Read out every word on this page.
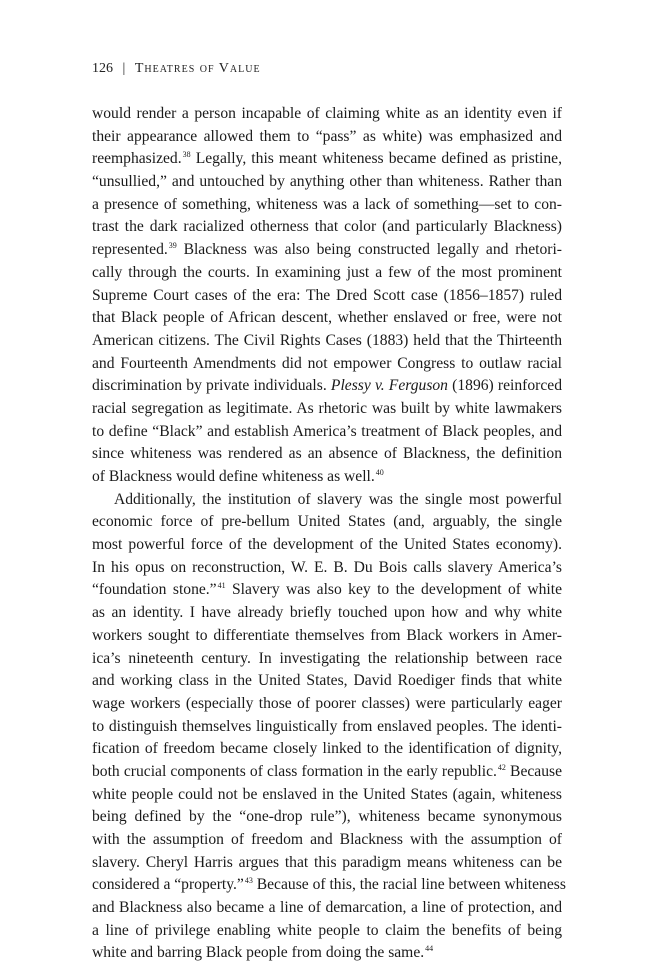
126 | Theatres of Value
would render a person incapable of claiming white as an identity even if
their appearance allowed them to “pass” as white) was emphasized and
reemphasized.$^{38}$ Legally, this meant whiteness became defined as pristine,
“unsullied,” and untouched by anything other than whiteness. Rather than
a presence of something, whiteness was a lack of something—set to con-
trast the dark racialized otherness that color (and particularly Blackness)
represented.$^{39}$ Blackness was also being constructed legally and rhetori-
cally through the courts. In examining just a few of the most prominent
Supreme Court cases of the era: The Dred Scott case (1856–1857) ruled
that Black people of African descent, whether enslaved or free, were not
American citizens. The Civil Rights Cases (1883) held that the Thirteenth
and Fourteenth Amendments did not empower Congress to outlaw racial
discrimination by private individuals. Plessy v. Ferguson (1896) reinforced
racial segregation as legitimate. As rhetoric was built by white lawmakers
to define “Black” and establish America’s treatment of Black peoples, and
since whiteness was rendered as an absence of Blackness, the definition
of Blackness would define whiteness as well.$^{40}$
Additionally, the institution of slavery was the single most powerful
economic force of pre-bellum United States (and, arguably, the single
most powerful force of the development of the United States economy).
In his opus on reconstruction, W. E. B. Du Bois calls slavery America’s
“foundation stone.”$^{41}$ Slavery was also key to the development of white
as an identity. I have already briefly touched upon how and why white
workers sought to differentiate themselves from Black workers in Amer-
ica’s nineteenth century. In investigating the relationship between race
and working class in the United States, David Roediger finds that white
wage workers (especially those of poorer classes) were particularly eager
to distinguish themselves linguistically from enslaved peoples. The identi-
fication of freedom became closely linked to the identification of dignity,
both crucial components of class formation in the early republic.$^{42}$ Because
white people could not be enslaved in the United States (again, whiteness
being defined by the “one-drop rule”), whiteness became synonymous
with the assumption of freedom and Blackness with the assumption of
slavery. Cheryl Harris argues that this paradigm means whiteness can be
considered a “property.”$^{43}$ Because of this, the racial line between whiteness
and Blackness also became a line of demarcation, a line of protection, and
a line of privilege enabling white people to claim the benefits of being
white and barring Black people from doing the same.$^{44}$
